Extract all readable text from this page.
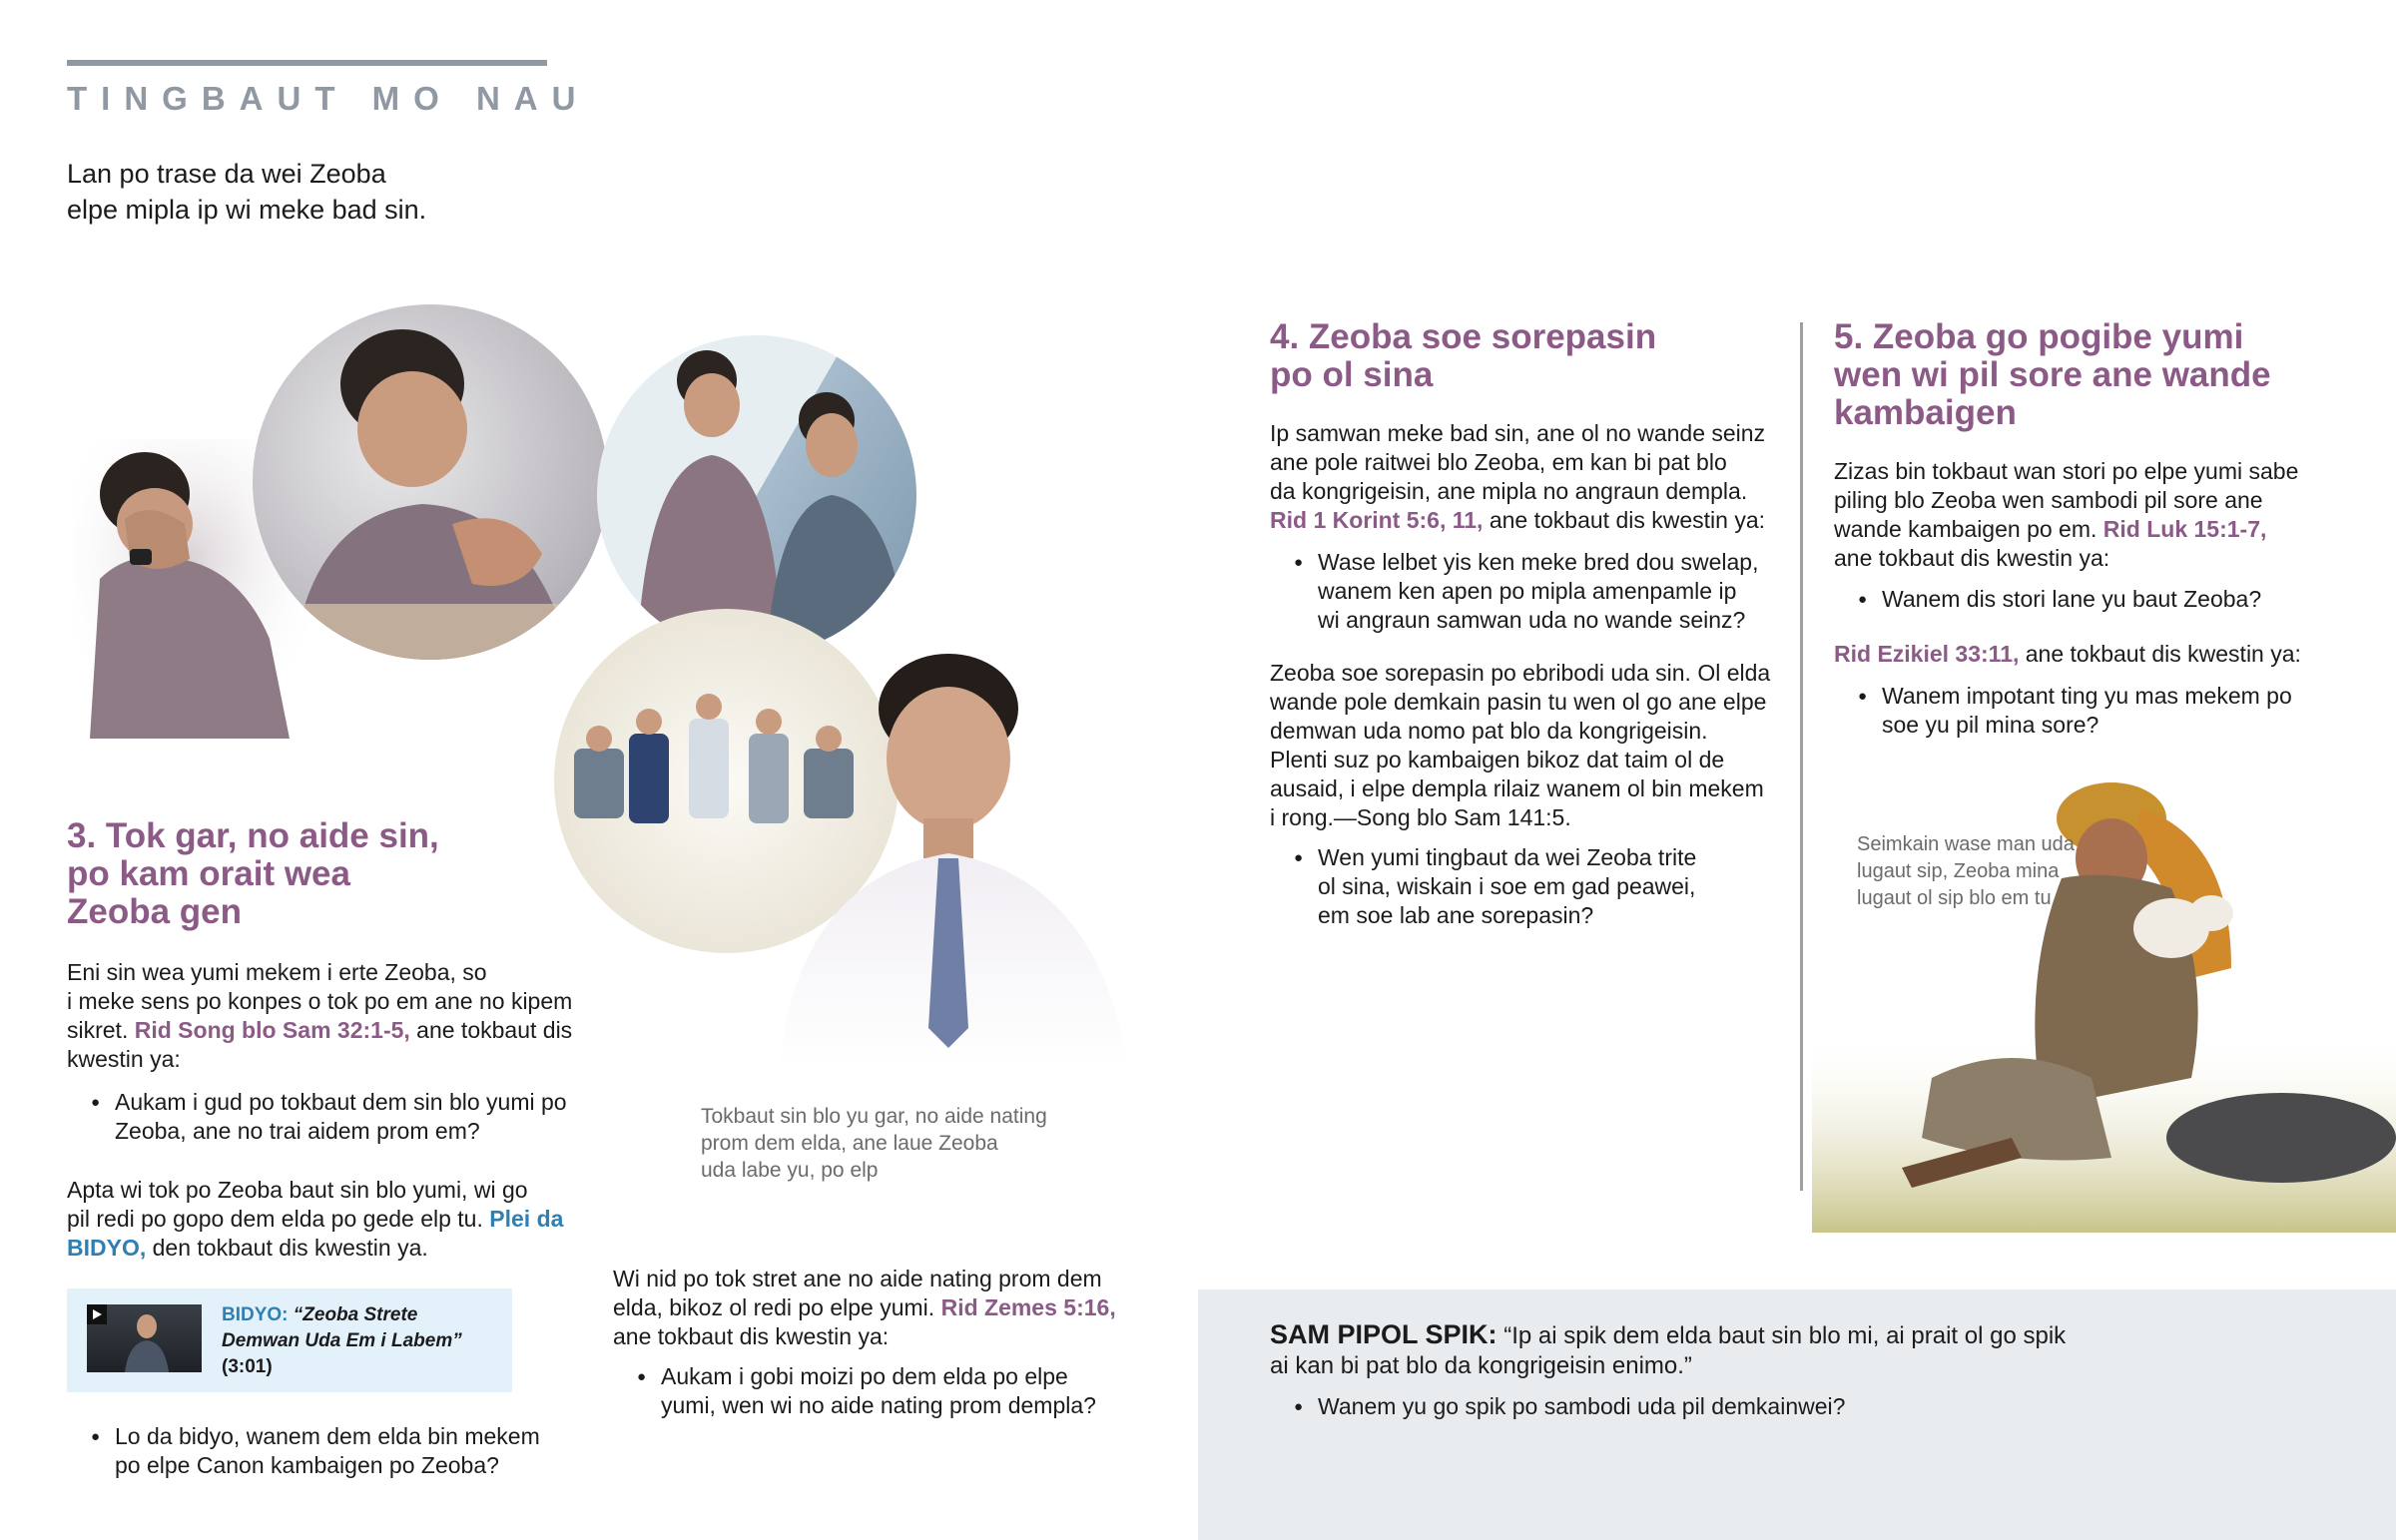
TINGBAUT MO NAU
Lan po trase da wei Zeoba
elpe mipla ip wi meke bad sin.
3. Tok gar, no aide sin,
po kam orait wea
Zeoba gen
Eni sin wea yumi mekem i erte Zeoba, so
i meke sens po konpes o tok po em ane no kipem
sikret. Rid Song blo Sam 32:1-5, ane tokbaut dis
kwestin ya:
● Aukam i gud po tokbaut dem sin blo yumi po
Zeoba, ane no trai aidem prom em?
Apta wi tok po Zeoba baut sin blo yumi, wi go
pil redi po gopo dem elda po gede elp tu. Plei da
BIDYO, den tokbaut dis kwestin ya.
BIDYO: “Zeoba Strete
Demwan Uda Em i Labem”
(3:01)
● Lo da bidyo, wanem dem elda bin mekem
po elpe Canon kambaigen po Zeoba?
Tokbaut sin blo yu gar, no aide nating
prom dem elda, ane laue Zeoba
uda labe yu, po elp
Wi nid po tok stret ane no aide nating prom dem
elda, bikoz ol redi po elpe yumi. Rid Zemes 5:16,
ane tokbaut dis kwestin ya:
● Aukam i gobi moizi po dem elda po elpe
yumi, wen wi no aide nating prom dempla?
4. Zeoba soe sorepasin
po ol sina
Ip samwan meke bad sin, ane ol no wande seinz
ane pole raitwei blo Zeoba, em kan bi pat blo
da kongrigeisin, ane mipla no angraun dempla.
Rid 1 Korint 5:6, 11, ane tokbaut dis kwestin ya:
● Wase lelbet yis ken meke bred dou swelap,
wanem ken apen po mipla amenpamle ip
wi angraun samwan uda no wande seinz?
Zeoba soe sorepasin po ebribodi uda sin. Ol elda
wande pole demkain pasin tu wen ol go ane elpe
demwan uda nomo pat blo da kongrigeisin.
Plenti suz po kambaigen bikoz dat taim ol de
ausaid, i elpe dempla rilaiz wanem ol bin mekem
i rong.—Song blo Sam 141:5.
● Wen yumi tingbaut da wei Zeoba trite
ol sina, wiskain i soe em gad peawei,
em soe lab ane sorepasin?
5. Zeoba go pogibe yumi
wen wi pil sore ane wande
kambaigen
Zizas bin tokbaut wan stori po elpe yumi sabe
piling blo Zeoba wen sambodi pil sore ane
wande kambaigen po em. Rid Luk 15:1-7,
ane tokbaut dis kwestin ya:
● Wanem dis stori lane yu baut Zeoba?
Rid Ezikiel 33:11, ane tokbaut dis kwestin ya:
● Wanem impotant ting yu mas mekem po
soe yu pil mina sore?
Seimkain wase man uda
lugaut sip, Zeoba mina
lugaut ol sip blo em tu
SAM PIPOL SPIK: “Ip ai spik dem elda baut sin blo mi, ai prait ol go spik
ai kan bi pat blo da kongrigeisin enimo.”
● Wanem yu go spik po sambodi uda pil demkainwei?
